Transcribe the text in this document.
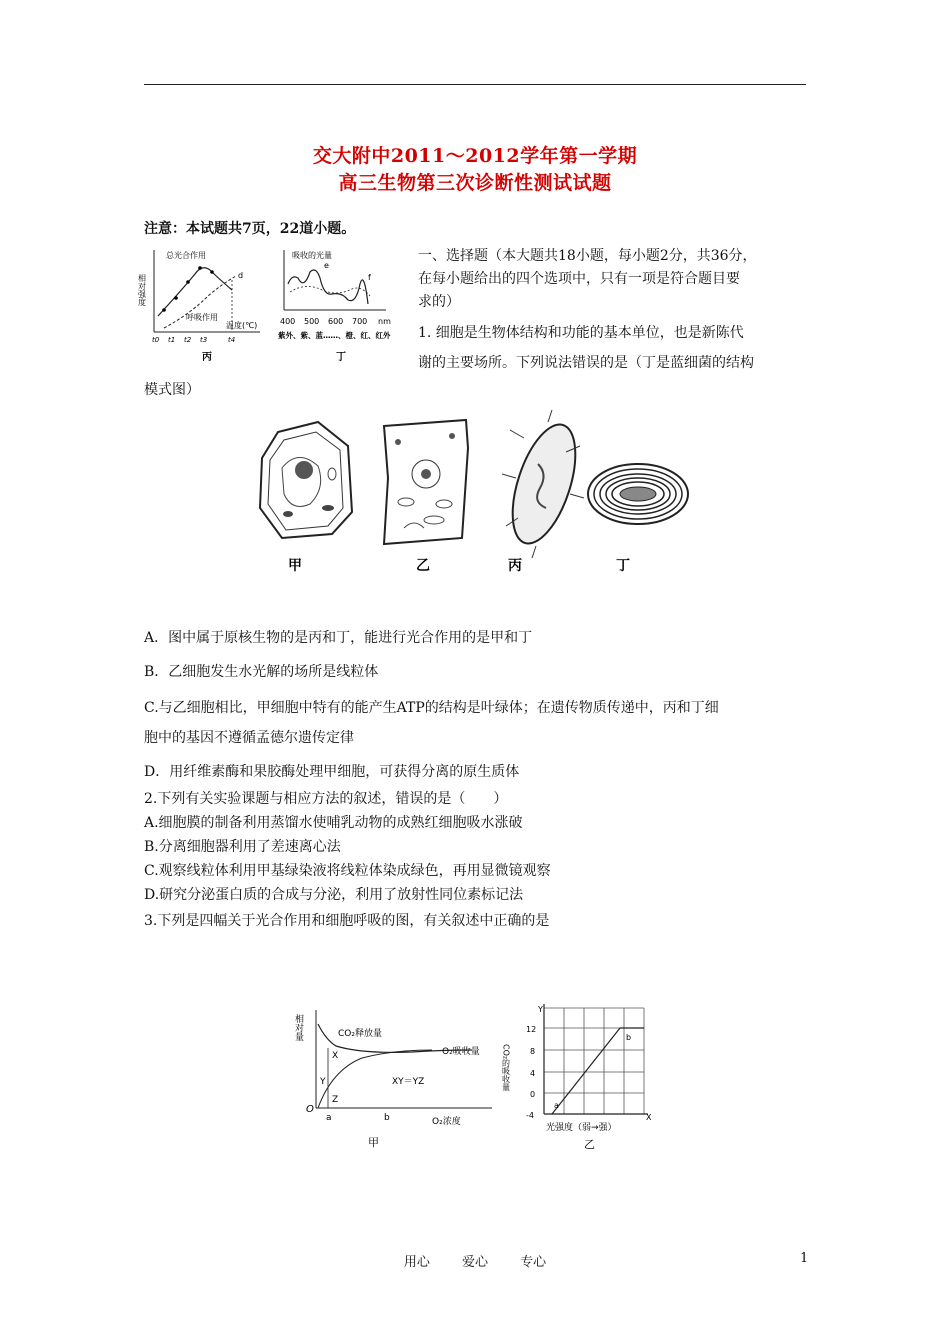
交大附中2011～2012学年第一学期
高三生物第三次诊断性测试试题
注意：本试题共7页，22道小题。
相对强度
总光合作用
d
呼吸作用
温度(℃)
t0 t1 t2 t3	t4
丙
吸收的光量
e
f
400 500 600 700 nm
紫外、紫、蓝……、橙、红、红外
丁
一、选择题（本大题共18小题，每小题2分，共36分，
在每小题给出的四个选项中，只有一项是符合题目要
求的）
1. 细胞是生物体结构和功能的基本单位，也是新陈代
谢的主要场所。下列说法错误的是（丁是蓝细菌的结构
模式图）
甲	乙	丙	丁
A．图中属于原核生物的是丙和丁，能进行光合作用的是甲和丁
B．乙细胞发生水光解的场所是线粒体
C.与乙细胞相比，甲细胞中特有的能产生ATP的结构是叶绿体；在遗传物质传递中，丙和丁细
胞中的基因不遵循孟德尔遗传定律
D．用纤维素酶和果胶酶处理甲细胞，可获得分离的原生质体
2.下列有关实验课题与相应方法的叙述，错误的是（　　）
A.细胞膜的制备利用蒸馏水使哺乳动物的成熟红细胞吸水涨破
B.分离细胞器利用了差速离心法
C.观察线粒体利用甲基绿染液将线粒体染成绿色，再用显微镜观察
D.研究分泌蛋白质的合成与分泌，利用了放射性同位素标记法
3.下列是四幅关于光合作用和细胞呼吸的图，有关叙述中正确的是
相对量	CO₂释放量
O₂吸收量
X
Y
Z
XY＝YZ
O
a	b	O₂浓度
甲
Y
CO₂的吸收量
12
8
4
0
-4
a
b
X
光强度（弱→强）
乙
用心 爱心 专心	1
